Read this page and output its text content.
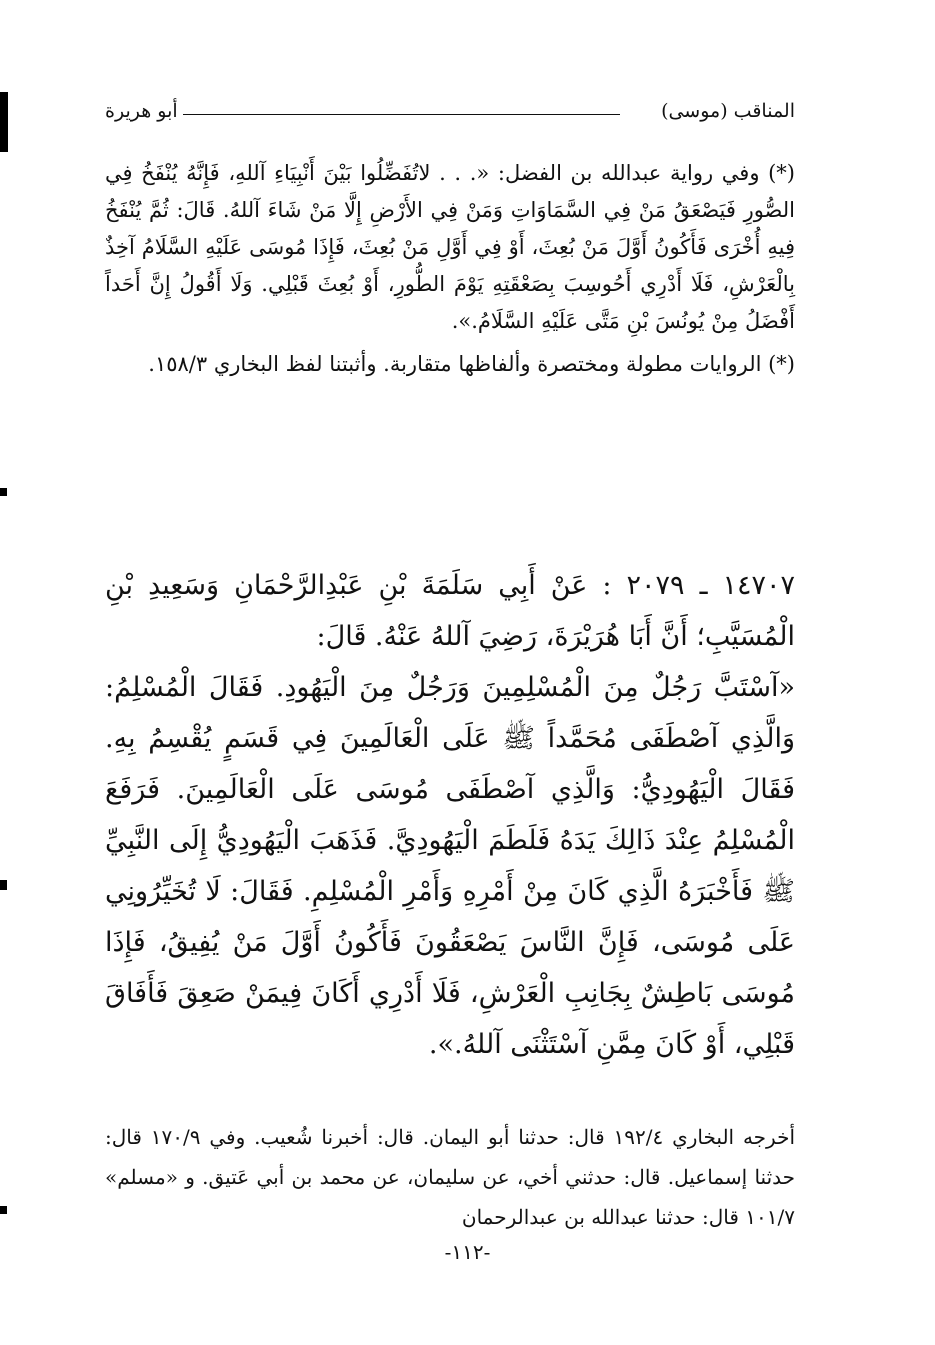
المناقب (موسى)
أبو هريرة

(*) وفي رواية عبدالله بن الفضل: «. . . لاتُفَضِّلُوا بَيْنَ أَنْبِيَاءِ آللهِ، فَإِنَّهُ يُنْفَخُ فِي الصُّورِ فَيَصْعَقُ مَنْ فِي السَّمَاوَاتِ وَمَنْ فِي الأَرْضِ إِلَّا مَنْ شَاءَ آللهُ. قَالَ: ثُمَّ يُنْفَخُ فِيهِ أُخْرَى فَأَكُونُ أَوَّلَ مَنْ بُعِثَ، أَوْ فِي أَوَّلِ مَنْ بُعِثَ، فَإِذَا مُوسَى عَلَيْهِ السَّلَامُ آخِذٌ بِالْعَرْشِ، فَلَا أَدْرِي أَحُوسِبَ بِصَعْقَتِهِ يَوْمَ الطُّورِ، أَوْ بُعِثَ قَبْلِي. وَلَا أَقُولُ إِنَّ أَحَداً أَفْضَلُ مِنْ يُونُسَ بْنِ مَتَّى عَلَيْهِ السَّلَامُ.».

(*) الروايات مطولة ومختصرة وألفاظها متقاربة. وأثبتنا لفظ البخاري ١٥٨/٣.

١٤٧٠٧ ـ ٢٠٧٩ : عَنْ أَبِي سَلَمَةَ بْنِ عَبْدِالرَّحْمَانِ وَسَعِيدِ بْنِ الْمُسَيَّبِ؛ أَنَّ أَبَا هُرَيْرَةَ، رَضِيَ آللهُ عَنْهُ. قَالَ:

«آسْتَبَّ رَجُلٌ مِنَ الْمُسْلِمِينَ وَرَجُلٌ مِنَ الْيَهُودِ. فَقَالَ الْمُسْلِمُ: وَالَّذِي آصْطَفَى مُحَمَّداً ﷺ عَلَى الْعَالَمِينَ فِي قَسَمٍ يُقْسِمُ بِهِ. فَقَالَ الْيَهُودِيُّ: وَالَّذِي آصْطَفَى مُوسَى عَلَى الْعَالَمِينَ. فَرَفَعَ الْمُسْلِمُ عِنْدَ ذَالِكَ يَدَهُ فَلَطَمَ الْيَهُودِيَّ. فَذَهَبَ الْيَهُودِيُّ إِلَى النَّبِيِّ ﷺ فَأَخْبَرَهُ الَّذِي كَانَ مِنْ أَمْرِهِ وَأَمْرِ الْمُسْلِمِ. فَقَالَ: لَا تُخَيِّرُونِي عَلَى مُوسَى، فَإِنَّ النَّاسَ يَصْعَقُونَ فَأَكُونُ أَوَّلَ مَنْ يُفِيقُ، فَإِذَا مُوسَى بَاطِشٌ بِجَانِبِ الْعَرْشِ، فَلَا أَدْرِي أَكَانَ فِيمَنْ صَعِقَ فَأَفَاقَ قَبْلِي، أَوْ كَانَ مِمَّنِ آسْتَثْنَى آللهُ.».

أخرجه البخاري ١٩٢/٤ قال: حدثنا أبو اليمان. قال: أخبرنا شُعيب. وفي ١٧٠/٩ قال: حدثنا إسماعيل. قال: حدثني أخي، عن سليمان، عن محمد بن أبي عَتيق. و «مسلم» ١٠١/٧ قال: حدثنا عبدالله بن عبدالرحمان

-١١٢-
